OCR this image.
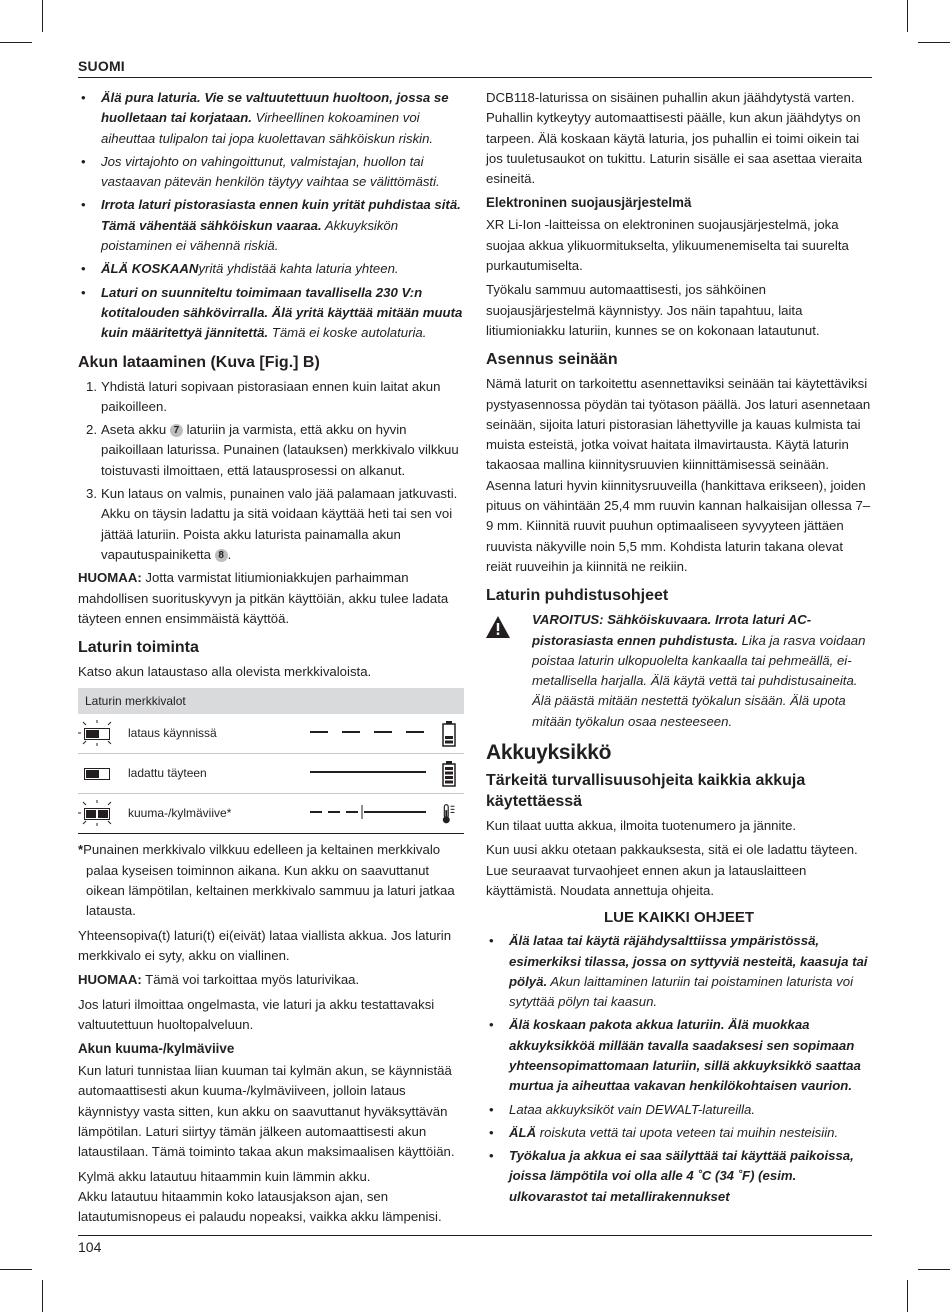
SUOMI
• Älä pura laturia. Vie se valtuutettuun huoltoon, jossa se huolletaan tai korjataan. Virheellinen kokoaminen voi aiheuttaa tulipalon tai jopa kuolettavan sähköiskun riskin.
• Jos virtajohto on vahingoittunut, valmistajan, huollon tai vastaavan pätevän henkilön täytyy vaihtaa se välittömästi.
• Irrota laturi pistorasiasta ennen kuin yrität puhdistaa sitä. Tämä vähentää sähköiskun vaaraa. Akkuyksikön poistaminen ei vähennä riskiä.
• ÄLÄ KOSKAANyritä yhdistää kahta laturia yhteen.
• Laturi on suunniteltu toimimaan tavallisella 230 V:n kotitalouden sähkövirralla. Älä yritä käyttää mitään muuta kuin määritettyä jännitettä. Tämä ei koske autolaturia.
Akun lataaminen (Kuva [Fig.] B)
1. Yhdistä laturi sopivaan pistorasiaan ennen kuin laitat akun paikoilleen.
2. Aseta akku 7 laturiin ja varmista, että akku on hyvin paikoillaan laturissa. Punainen (latauksen) merkkivalo vilkkuu toistuvasti ilmoittaen, että latausprosessi on alkanut.
3. Kun lataus on valmis, punainen valo jää palamaan jatkuvasti. Akku on täysin ladattu ja sitä voidaan käyttää heti tai sen voi jättää laturiin. Poista akku laturista painamalla akun vapautuspainiketta 8 .

HUOMAA: Jotta varmistat litiumioniakkujen parhaimman mahdollisen suorituskyvyn ja pitkän käyttöiän, akku tulee ladata täyteen ennen ensimmäistä käyttöä.

Laturin toiminta

Katso akun lataustaso alla olevista merkkivaloista.

Laturin merkkivalot
lataus käynnissä
ladattu täyteen
kuuma-/kylmäviive*

*Punainen merkkivalo vilkkuu edelleen ja keltainen merkkivalo palaa kyseisen toiminnon aikana. Kun akku on saavuttanut oikean lämpötilan, keltainen merkkivalo sammuu ja laturi jatkaa latausta.

Yhteensopiva(t) laturi(t) ei(eivät) lataa viallista akkua. Jos laturin merkkivalo ei syty, akku on viallinen.

HUOMAA: Tämä voi tarkoittaa myös laturivikaa.

Jos laturi ilmoittaa ongelmasta, vie laturi ja akku testattavaksi valtuutettuun huoltopalveluun.

Akun kuuma-/kylmäviive

Kun laturi tunnistaa liian kuuman tai kylmän akun, se käynnistää automaattisesti akun kuuma-/kylmäviiveen, jolloin lataus käynnistyy vasta sitten, kun akku on saavuttanut hyväksyttävän lämpötilan. Laturi siirtyy tämän jälkeen automaattisesti akun lataustilaan. Tämä toiminto takaa akun maksimaalisen käyttöiän.

Kylmä akku latautuu hitaammin kuin lämmin akku.

Akku latautuu hitaammin koko latausjakson ajan, sen latautumisnopeus ei palaudu nopeaksi, vaikka akku lämpenisi.

DCB118-laturissa on sisäinen puhallin akun jäähdytystä varten. Puhallin kytkeytyy automaattisesti päälle, kun akun jäähdytys on tarpeen. Älä koskaan käytä laturia, jos puhallin ei toimi oikein tai jos tuuletusaukot on tukittu. Laturin sisälle ei saa asettaa vieraita esineitä.

Elektroninen suojausjärjestelmä

XR Li-Ion -laitteissa on elektroninen suojausjärjestelmä, joka suojaa akkua ylikuormitukselta, ylikuumenemiselta tai suurelta purkautumiselta.

Työkalu sammuu automaattisesti, jos sähköinen suojausjärjestelmä käynnistyy. Jos näin tapahtuu, laita litiumioniakku laturiin, kunnes se on kokonaan latautunut.

Asennus seinään

Nämä laturit on tarkoitettu asennettaviksi seinään tai käytettäviksi pystyasennossa pöydän tai työtason päällä. Jos laturi asennetaan seinään, sijoita laturi pistorasian lähettyville ja kauas kulmista tai muista esteistä, jotka voivat haitata ilmavirtausta. Käytä laturin takaosaa mallina kiinnitysruuvien kiinnittämisessä seinään. Asenna laturi hyvin kiinnitysruuveilla (hankittava erikseen), joiden pituus on vähintään 25,4 mm ruuvin kannan halkaisijan ollessa 7–9 mm. Kiinnitä ruuvit puuhun optimaaliseen syvyyteen jättäen ruuvista näkyville noin 5,5 mm. Kohdista laturin takana olevat reiät ruuveihin ja kiinnitä ne reikiin.

Laturin puhdistusohjeet
VAROITUS: Sähköiskuvaara. Irrota laturi AC-pistorasiasta ennen puhdistusta. Lika ja rasva voidaan poistaa laturin ulkopuolelta kankaalla tai pehmeällä, ei-metallisella harjalla. Älä käytä vettä tai puhdistusaineita. Älä päästä mitään nestettä työkalun sisään. Älä upota mitään työkalun osaa nesteeseen.
Akkuyksikkö
Tärkeitä turvallisuusohjeita kaikkia akkuja käytettäessä

Kun tilaat uutta akkua, ilmoita tuotenumero ja jännite.

Kun uusi akku otetaan pakkauksesta, sitä ei ole ladattu täyteen. Lue seuraavat turvaohjeet ennen akun ja latauslaitteen käyttämistä. Noudata annettuja ohjeita.

LUE KAIKKI OHJEET
• Älä lataa tai käytä räjähdysalttiissa ympäristössä, esimerkiksi tilassa, jossa on syttyviä nesteitä, kaasuja tai pölyä. Akun laittaminen laturiin tai poistaminen laturista voi sytyttää pölyn tai kaasun.
• Älä koskaan pakota akkua laturiin. Älä muokkaa akkuyksikköä millään tavalla saadaksesi sen sopimaan yhteensopimattomaan laturiin, sillä akkuyksikkö saattaa murtua ja aiheuttaa vakavan henkilökohtaisen vaurion.
• Lataa akkuyksiköt vain DEWALT-latureilla.
• ÄLÄ roiskuta vettä tai upota veteen tai muihin nesteisiin.
• Työkalua ja akkua ei saa säilyttää tai käyttää paikoissa, joissa lämpötila voi olla alle 4 ˚C (34 ˚F) (esim. ulkovarastot tai metallirakennukset
104
